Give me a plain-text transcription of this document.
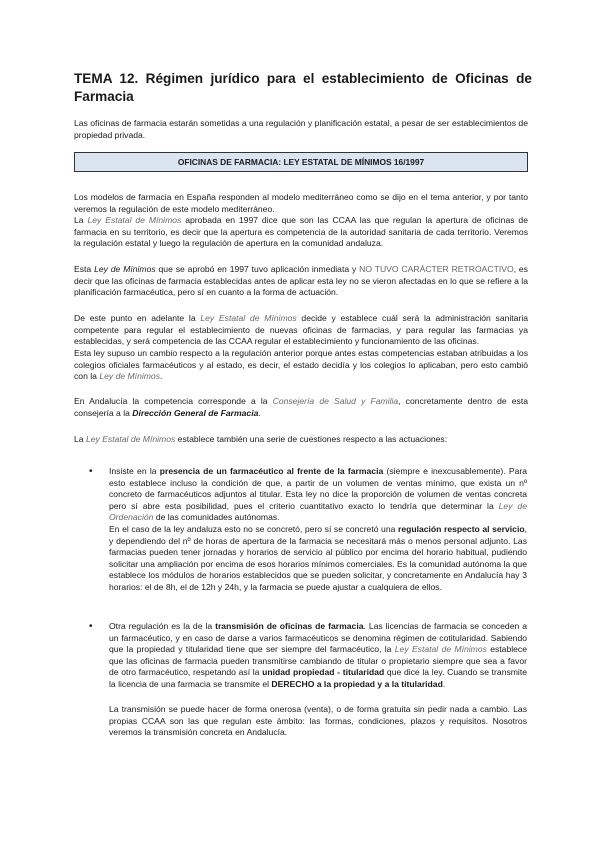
TEMA 12. Régimen jurídico para el establecimiento de Oficinas de Farmacia
Las oficinas de farmacia estarán sometidas a una regulación y planificación estatal, a pesar de ser establecimientos de propiedad privada.
OFICINAS DE FARMACIA: LEY ESTATAL DE MÍNIMOS 16/1997
Los modelos de farmacia en España responden al modelo mediterráneo como se dijo en el tema anterior, y por tanto veremos la regulación de este modelo mediterráneo.
La Ley Estatal de Mínimos aprobada en 1997 dice que son las CCAA las que regulan la apertura de oficinas de farmacia en su territorio, es decir que la apertura es competencia de la autoridad sanitaria de cada territorio. Veremos la regulación estatal y luego la regulación de apertura en la comunidad andaluza.
Esta Ley de Mínimos que se aprobó en 1997 tuvo aplicación inmediata y NO TUVO CARÁCTER RETROACTIVO, es decir que las oficinas de farmacia establecidas antes de aplicar esta ley no se vieron afectadas en lo que se refiere a la planificación farmacéutica, pero sí en cuanto a la forma de actuación.
De este punto en adelante la Ley Estatal de Mínimos decide y establece cuál será la administración sanitaria competente para regular el establecimiento de nuevas oficinas de farmacias, y para regular las farmacias ya establecidas, y será competencia de las CCAA regular el establecimiento y funcionamiento de las oficinas.
Esta ley supuso un cambio respecto a la regulación anterior porque antes estas competencias estaban atribuidas a los colegios oficiales farmacéuticos y al estado, es decir, el estado decidía y los colegios lo aplicaban, pero esto cambió con la Ley de Mínimos.
En Andalucía la competencia corresponde a la Consejería de Salud y Familia, concretamente dentro de esta consejería a la Dirección General de Farmacia.
La Ley Estatal de Mínimos establece también una serie de cuestiones respecto a las actuaciones:
• Insiste en la presencia de un farmacéutico al frente de la farmacia (siempre e inexcusablemente). Para esto establece incluso la condición de que, a partir de un volumen de ventas mínimo, que exista un nº concreto de farmacéuticos adjuntos al titular. Esta ley no dice la proporción de volumen de ventas concreta pero sí abre esta posibilidad, pues el criterio cuantitativo exacto lo tendría que determinar la Ley de Ordenación de las comunidades autónomas.
En el caso de la ley andaluza esto no se concretó, pero sí se concretó una regulación respecto al servicio, y dependiendo del nº de horas de apertura de la farmacia se necesitará más o menos personal adjunto. Las farmacias pueden tener jornadas y horarios de servicio al público por encima del horario habitual, pudiendo solicitar una ampliación por encima de esos horarios mínimos comerciales. Es la comunidad autónoma la que establece los módulos de horarios establecidos que se pueden solicitar, y concretamente en Andalucía hay 3 horarios: el de 8h, el de 12h y 24h, y la farmacia se puede ajustar a cualquiera de ellos.
• Otra regulación es la de la transmisión de oficinas de farmacia. Las licencias de farmacia se conceden a un farmacéutico, y en caso de darse a varios farmacéuticos se denomina régimen de cotitularidad. Sabiendo que la propiedad y titularidad tiene que ser siempre del farmacéutico, la Ley Estatal de Mínimos establece que las oficinas de farmacia pueden transmitirse cambiando de titular o propietario siempre que sea a favor de otro farmacéutico, respetando así la unidad propiedad - titularidad que dice la ley. Cuando se transmite la licencia de una farmacia se transmite el DERECHO a la propiedad y a la titularidad.
La transmisión se puede hacer de forma onerosa (venta), o de forma gratuita sin pedir nada a cambio. Las propias CCAA son las que regulan este ámbito: las formas, condiciones, plazos y requisitos. Nosotros veremos la transmisión concreta en Andalucía.
